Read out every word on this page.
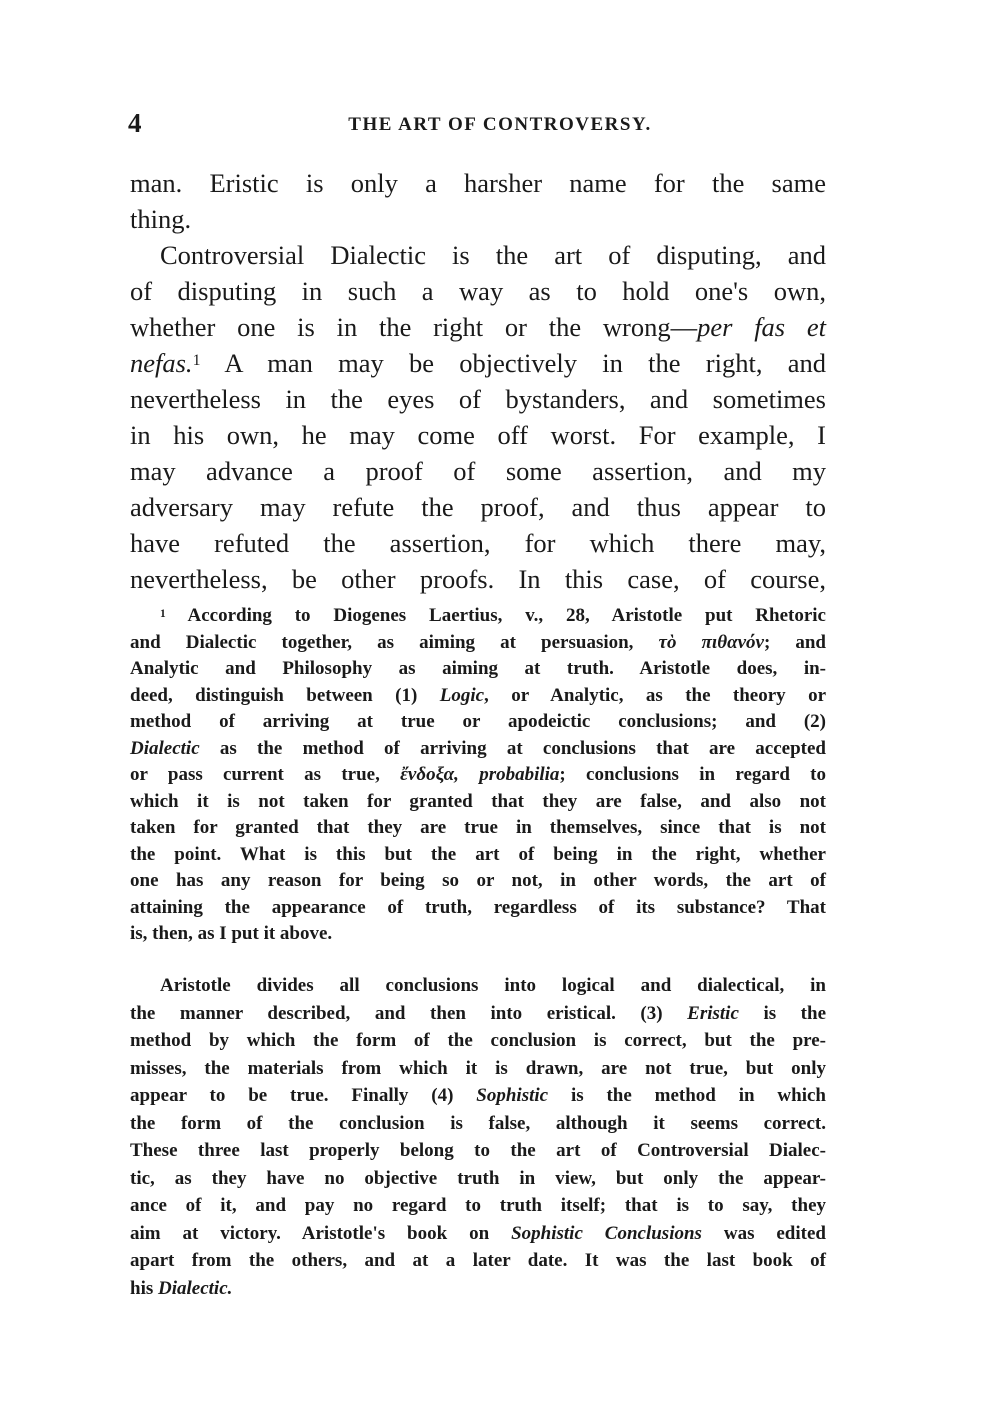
4	THE ART OF CONTROVERSY.
man. Eristic is only a harsher name for the same
thing.
Controversial Dialectic is the art of disputing, and
of disputing in such a way as to hold one's own,
whether one is in the right or the wrong—per fas et
nefas.$^1$ A man may be objectively in the right, and
nevertheless in the eyes of bystanders, and sometimes
in his own, he may come off worst. For example, I
may advance a proof of some assertion, and my
adversary may refute the proof, and thus appear to
have refuted the assertion, for which there may,
nevertheless, be other proofs. In this case, of course,
$^1$ According to Diogenes Laertius, v., 28, Aristotle put Rhetoric
and Dialectic together, as aiming at persuasion, τὸ πιθανόν; and
Analytic and Philosophy as aiming at truth. Aristotle does, in-
deed, distinguish between (1) Logic, or Analytic, as the theory or
method of arriving at true or apodeictic conclusions; and (2)
Dialectic as the method of arriving at conclusions that are accepted
or pass current as true, ἔνδοξα, probabilia; conclusions in regard to
which it is not taken for granted that they are false, and also not
taken for granted that they are true in themselves, since that is not
the point. What is this but the art of being in the right, whether
one has any reason for being so or not, in other words, the art of
attaining the appearance of truth, regardless of its substance? That
is, then, as I put it above.
Aristotle divides all conclusions into logical and dialectical, in
the manner described, and then into eristical. (3) Eristic is the
method by which the form of the conclusion is correct, but the pre-
misses, the materials from which it is drawn, are not true, but only
appear to be true. Finally (4) Sophistic is the method in which
the form of the conclusion is false, although it seems correct.
These three last properly belong to the art of Controversial Dialec-
tic, as they have no objective truth in view, but only the appear-
ance of it, and pay no regard to truth itself; that is to say, they
aim at victory. Aristotle's book on Sophistic Conclusions was edited
apart from the others, and at a later date. It was the last book of
his Dialectic.
